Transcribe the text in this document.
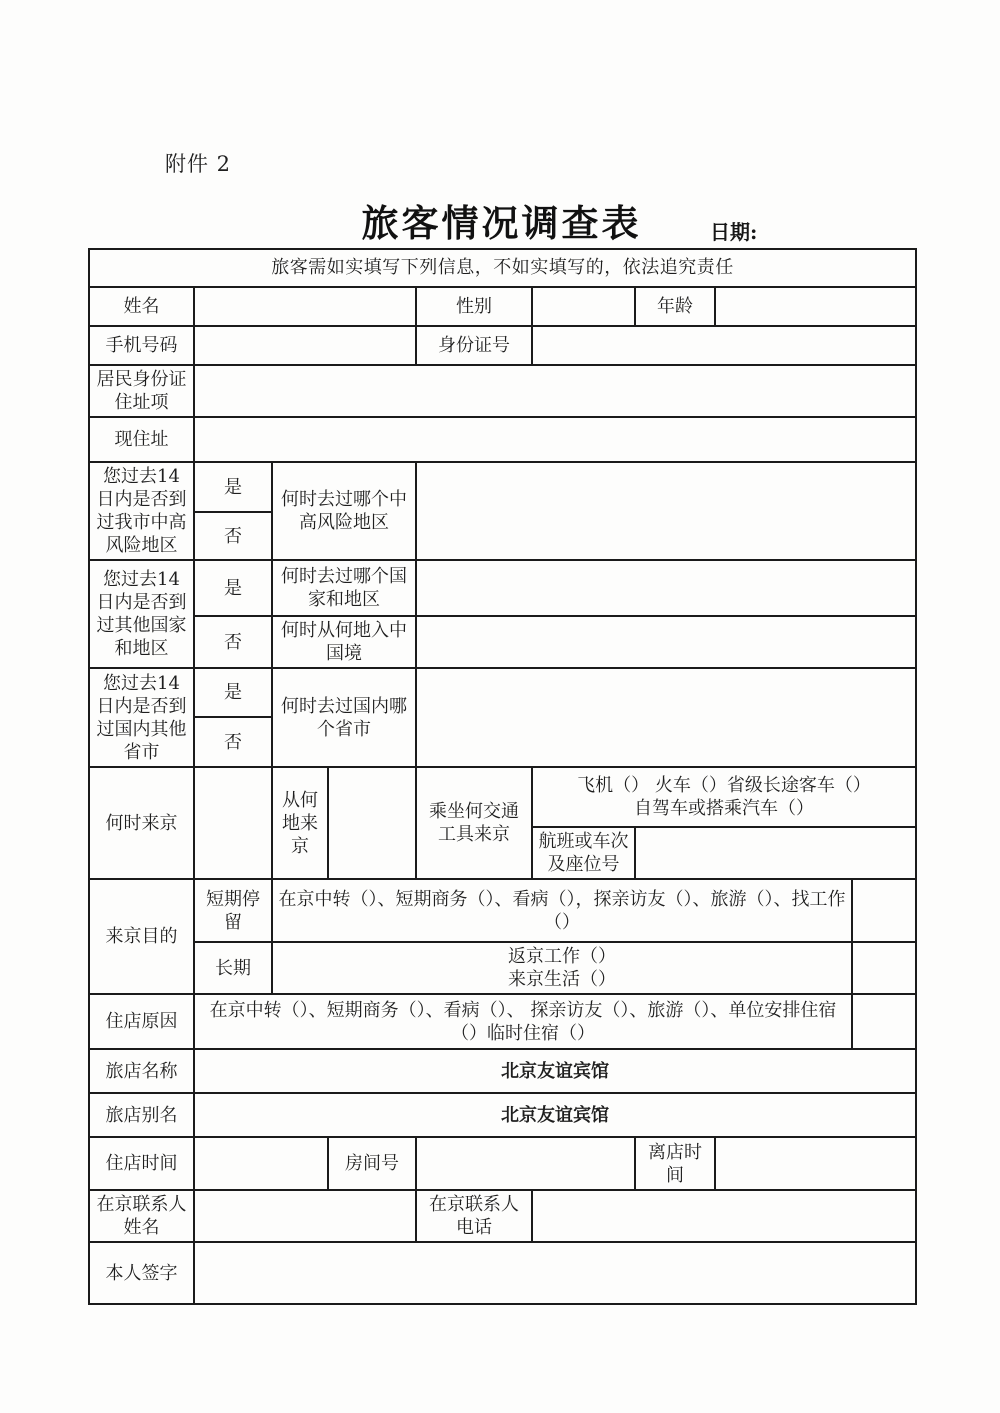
附件 2
旅客情况调查表	日期:
旅客需如实填写下列信息，不如实填写的，依法追究责任								
姓名				性别		年龄		
手机号码				身份证号				
居民身份证住址项								
现住址								
您过去14日内是否到过我市中高风险地区	是	何时去过哪个中高风险地区						
	否							
您过去14日内是否到过其他国家和地区	是	何时去过哪个国家和地区						
	否	何时从何地入中国境						
您过去14日内是否到过国内其他省市	是	何时去过国内哪个省市						
	否							
何时来京		从何地来京		乘坐何交通工具来京	飞机（） 火车（）省级长途客车（）
自驾车或搭乘汽车（）			

					航班或车次及座位号			
来京目的	短期停留	在京中转（）、短期商务（）、看病（），探亲访友（）、旅游（）、找工作（）						
	长期	返京工作（）
来京生活（）						

住店原因	在京中转（）、短期商务（）、看病（）、 探亲访友（）、旅游（）、单位安排住宿（）临时住宿（）							
旅店名称	北京友谊宾馆							
旅店别名	北京友谊宾馆							
住店时间			房间号			离店时间		
在京联系人姓名				在京联系人电话				
本人签字								
